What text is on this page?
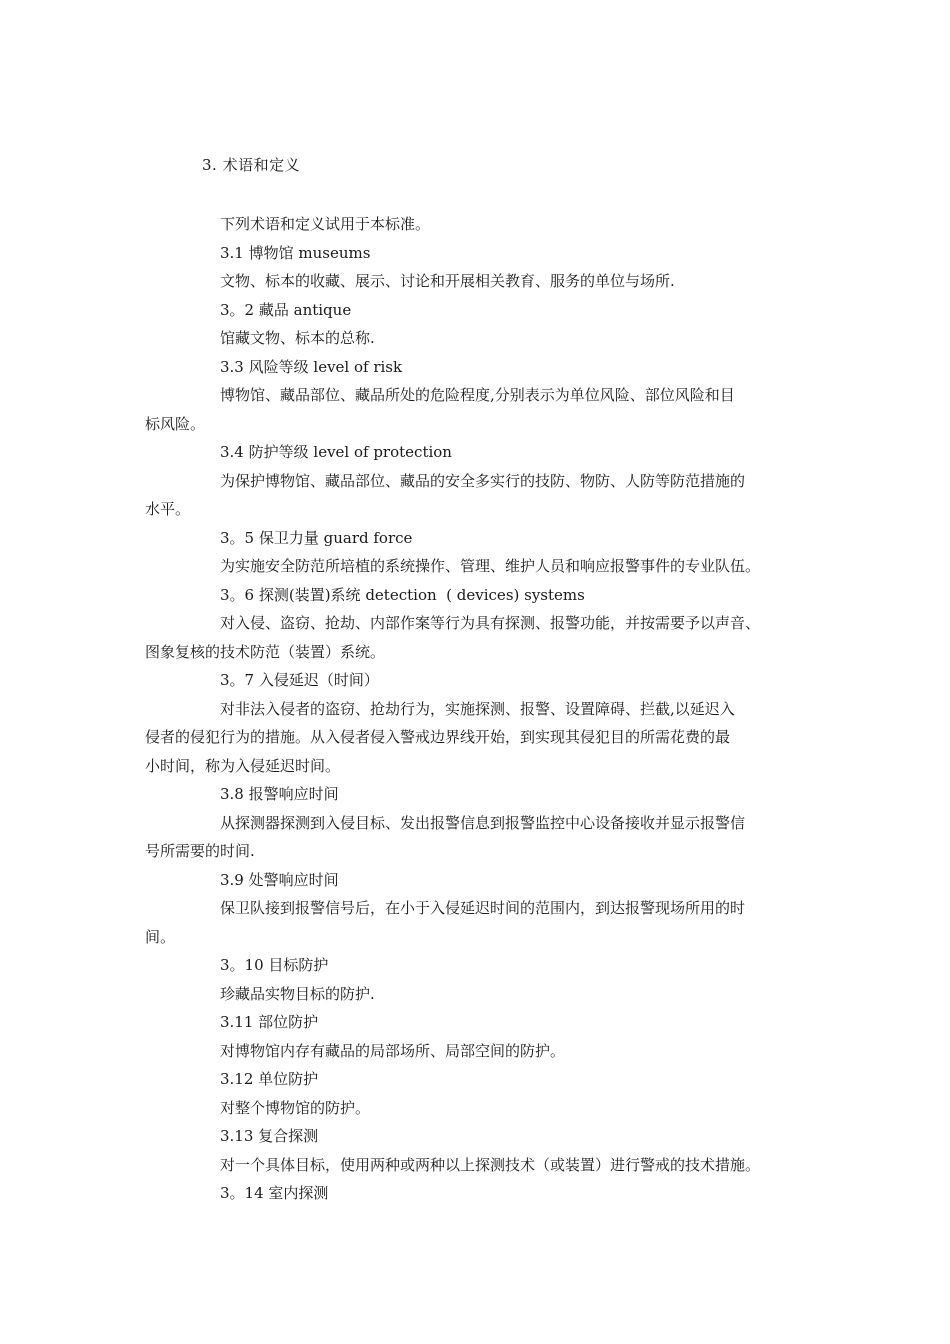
3. 术语和定义
下列术语和定义试用于本标准。
3.1 博物馆 museums
文物、标本的收藏、展示、讨论和开展相关教育、服务的单位与场所.
3。2 藏品 antique
馆藏文物、标本的总称.
3.3 风险等级 level of risk
博物馆、藏品部位、藏品所处的危险程度,分别表示为单位风险、部位风险和目
标风险。
3.4 防护等级 level of protection
为保护博物馆、藏品部位、藏品的安全多实行的技防、物防、人防等防范措施的
水平。
3。5 保卫力量 guard force
为实施安全防范所培植的系统操作、管理、维护人员和响应报警事件的专业队伍。
3。6 探测(装置)系统 detection  ( devices) systems
对入侵、盗窃、抢劫、内部作案等行为具有探测、报警功能，并按需要予以声音、
图象复核的技术防范（装置）系统。
3。7 入侵延迟（时间）
对非法入侵者的盗窃、抢劫行为，实施探测、报警、设置障碍、拦截,以延迟入
侵者的侵犯行为的措施。从入侵者侵入警戒边界线开始，到实现其侵犯目的所需花费的最
小时间，称为入侵延迟时间。
3.8 报警响应时间
从探测器探测到入侵目标、发出报警信息到报警监控中心设备接收并显示报警信
号所需要的时间.
3.9 处警响应时间
保卫队接到报警信号后，在小于入侵延迟时间的范围内，到达报警现场所用的时
间。
3。10 目标防护
珍藏品实物目标的防护.
3.11 部位防护
对博物馆内存有藏品的局部场所、局部空间的防护。
3.12 单位防护
对整个博物馆的防护。
3.13 复合探测
对一个具体目标，使用两种或两种以上探测技术（或装置）进行警戒的技术措施。
3。14 室内探测
